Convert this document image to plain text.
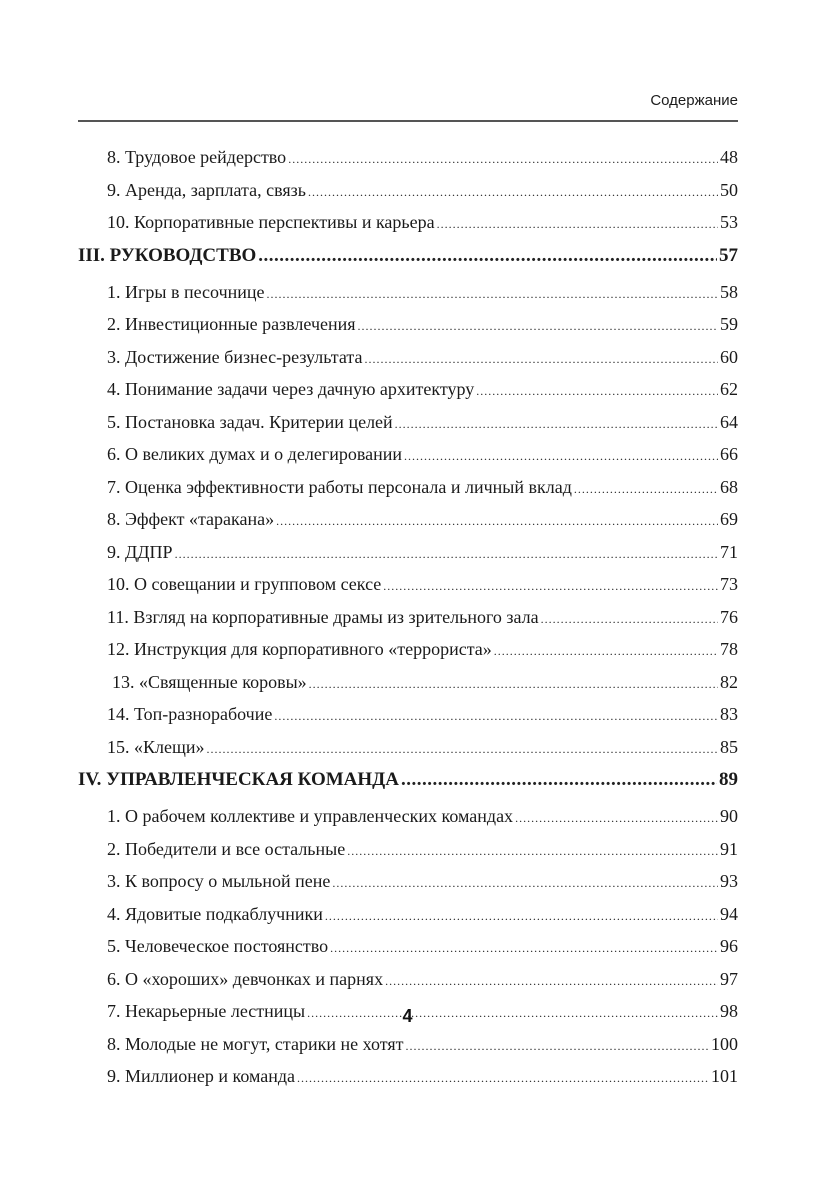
Содержание
8. Трудовое рейдерство . . .	48
9. Аренда, зарплата, связь . . .	50
10. Корпоративные перспективы и карьера . . .	53
III. РУКОВОДСТВО .....	57
1. Игры в песочнице . . .	58
2. Инвестиционные развлечения . . .	59
3. Достижение бизнес-результата . . .	60
4. Понимание задачи через дачную архитектуру . . .	62
5. Постановка задач. Критерии целей . . .	64
6. О великих думах и о делегировании . . .	66
7. Оценка эффективности работы персонала и личный вклад . . .	68
8. Эффект «таракана» . . .	69
9. ДДПР . . .	71
10. О совещании и групповом сексе . . .	73
11. Взгляд на корпоративные драмы из зрительного зала . . .	76
12. Инструкция для корпоративного «террориста» . . .	78
13. «Священные коровы» . . .	82
14. Топ-разнорабочие . . .	83
15. «Клещи» . . .	85
IV. УПРАВЛЕНЧЕСКАЯ КОМАНДА .....	89
1. О рабочем коллективе и управленческих командах . . .	90
2. Победители и все остальные . . .	91
3. К вопросу о мыльной пене . . .	93
4. Ядовитые подкаблучники . . .	94
5. Человеческое постоянство . . .	96
6. О «хороших» девчонках и парнях . . .	97
7. Некарьерные лестницы . . .	98
8. Молодые не могут, старики не хотят . . .	100
9. Миллионер и команда . . .	101
4
